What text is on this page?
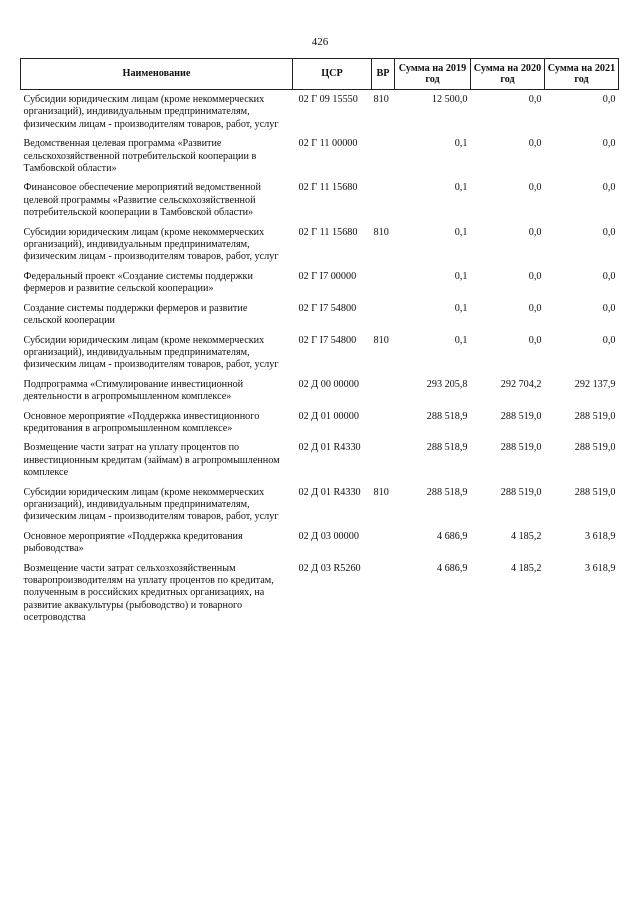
426
Наименование	ЦСР	ВР	Сумма на 2019 год	Сумма на 2020 год	Сумма на 2021 год
Субсидии юридическим лицам (кроме некоммерческих организаций), индивидуальным предпринимателям, физическим лицам - производителям товаров, работ, услуг	02 Г 09 15550	810	12 500,0	0,0	0,0
Ведомственная целевая программа «Развитие сельскохозяйственной потребительской кооперации в Тамбовской области»	02 Г 11 00000		0,1	0,0	0,0
Финансовое обеспечение мероприятий ведомственной целевой программы «Развитие сельскохозяйственной потребительской кооперации в Тамбовской области»	02 Г 11 15680		0,1	0,0	0,0
Субсидии юридическим лицам (кроме некоммерческих организаций), индивидуальным предпринимателям, физическим лицам - производителям товаров, работ, услуг	02 Г 11 15680	810	0,1	0,0	0,0
Федеральный проект «Создание системы поддержки фермеров и развитие сельской кооперации»	02 Г I7 00000		0,1	0,0	0,0
Создание системы поддержки фермеров и развитие сельской кооперации	02 Г I7 54800		0,1	0,0	0,0
Субсидии юридическим лицам (кроме некоммерческих организаций), индивидуальным предпринимателям, физическим лицам - производителям товаров, работ, услуг	02 Г I7 54800	810	0,1	0,0	0,0
Подпрограмма «Стимулирование инвестиционной деятельности в агропромышленном комплексе»	02 Д 00 00000		293 205,8	292 704,2	292 137,9
Основное мероприятие «Поддержка инвестиционного кредитования в агропромышленном комплексе»	02 Д 01 00000		288 518,9	288 519,0	288 519,0
Возмещение части затрат на уплату процентов по инвестиционным кредитам (займам) в агропромышленном комплексе	02 Д 01 R4330		288 518,9	288 519,0	288 519,0
Субсидии юридическим лицам (кроме некоммерческих организаций), индивидуальным предпринимателям, физическим лицам - производителям товаров, работ, услуг	02 Д 01 R4330	810	288 518,9	288 519,0	288 519,0
Основное мероприятие «Поддержка кредитования рыбоводства»	02 Д 03 00000		4 686,9	4 185,2	3 618,9
Возмещение части затрат сельхозхозяйственным товаропроизводителям на уплату процентов по кредитам, полученным в российских кредитных организациях, на развитие аквакультуры (рыбоводство) и товарного осетроводства	02 Д 03 R5260		4 686,9	4 185,2	3 618,9
